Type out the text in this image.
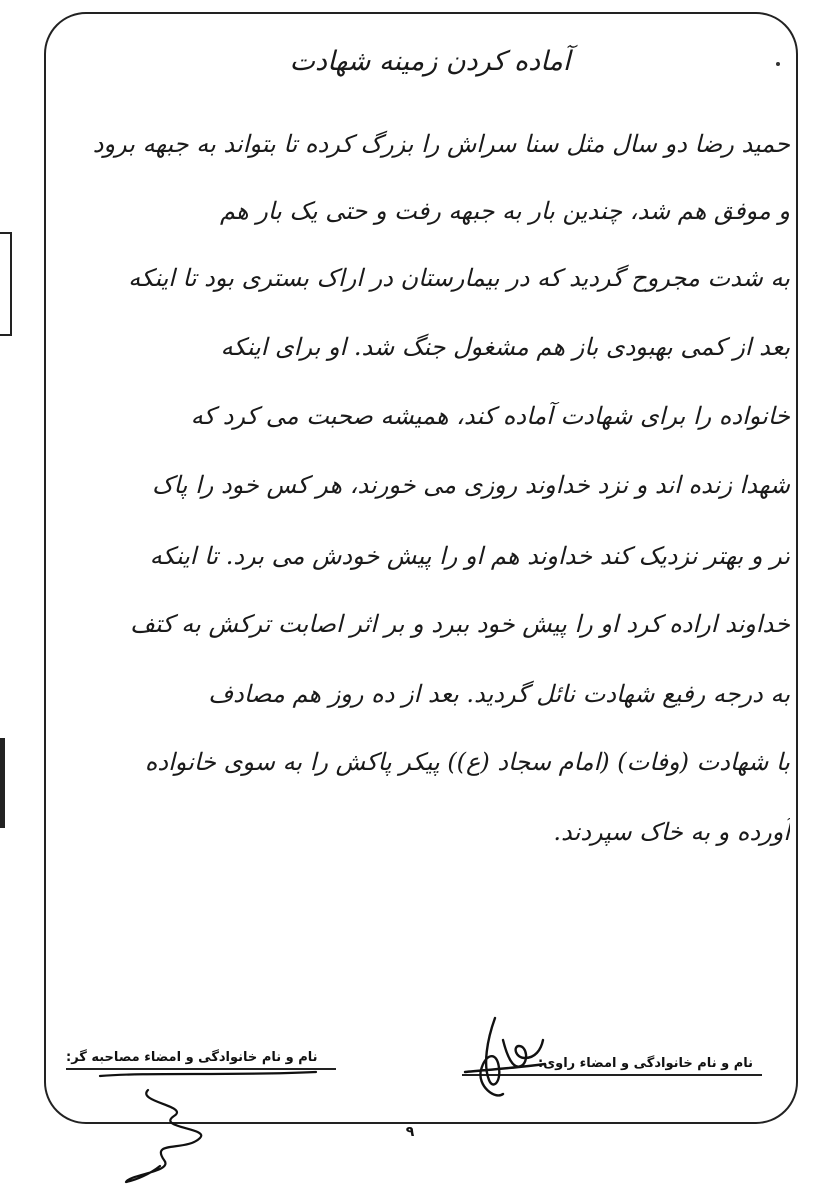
آماده کردن زمینه شهادت
حمید رضا دو سال مثل سنا سراش را بزرگ کرده تا بتواند به جبهه برود
و موفق هم شد، چندین بار به جبهه رفت و حتی یک بار هم
به شدت مجروح گردید که در بیمارستان در اراک بستری بود تا اینکه
بعد از کمی بهبودی باز هم مشغول جنگ شد. او برای اینکه
خانواده را برای شهادت آماده کند، همیشه صحبت می کرد که
شهدا زنده اند و نزد خداوند روزی می خورند، هر کس خود را پاک
تر و بهتر نزدیک کند خداوند هم او را پیش خودش می برد. تا اینکه
خداوند اراده کرد او را پیش خود ببرد و بر اثر اصابت ترکش به کتف
به درجه رفیع شهادت نائل گردید. بعد از ده روز هم مصادف
با شهادت (وفات) (امام سجاد (ع)) پیکر پاکش را به سوی خانواده
آورده و به خاک سپردند.
نام و نام خانوادگی و امضاء راوی:
نام و نام خانوادگی و امضاء مصاحبه گر:
۹
